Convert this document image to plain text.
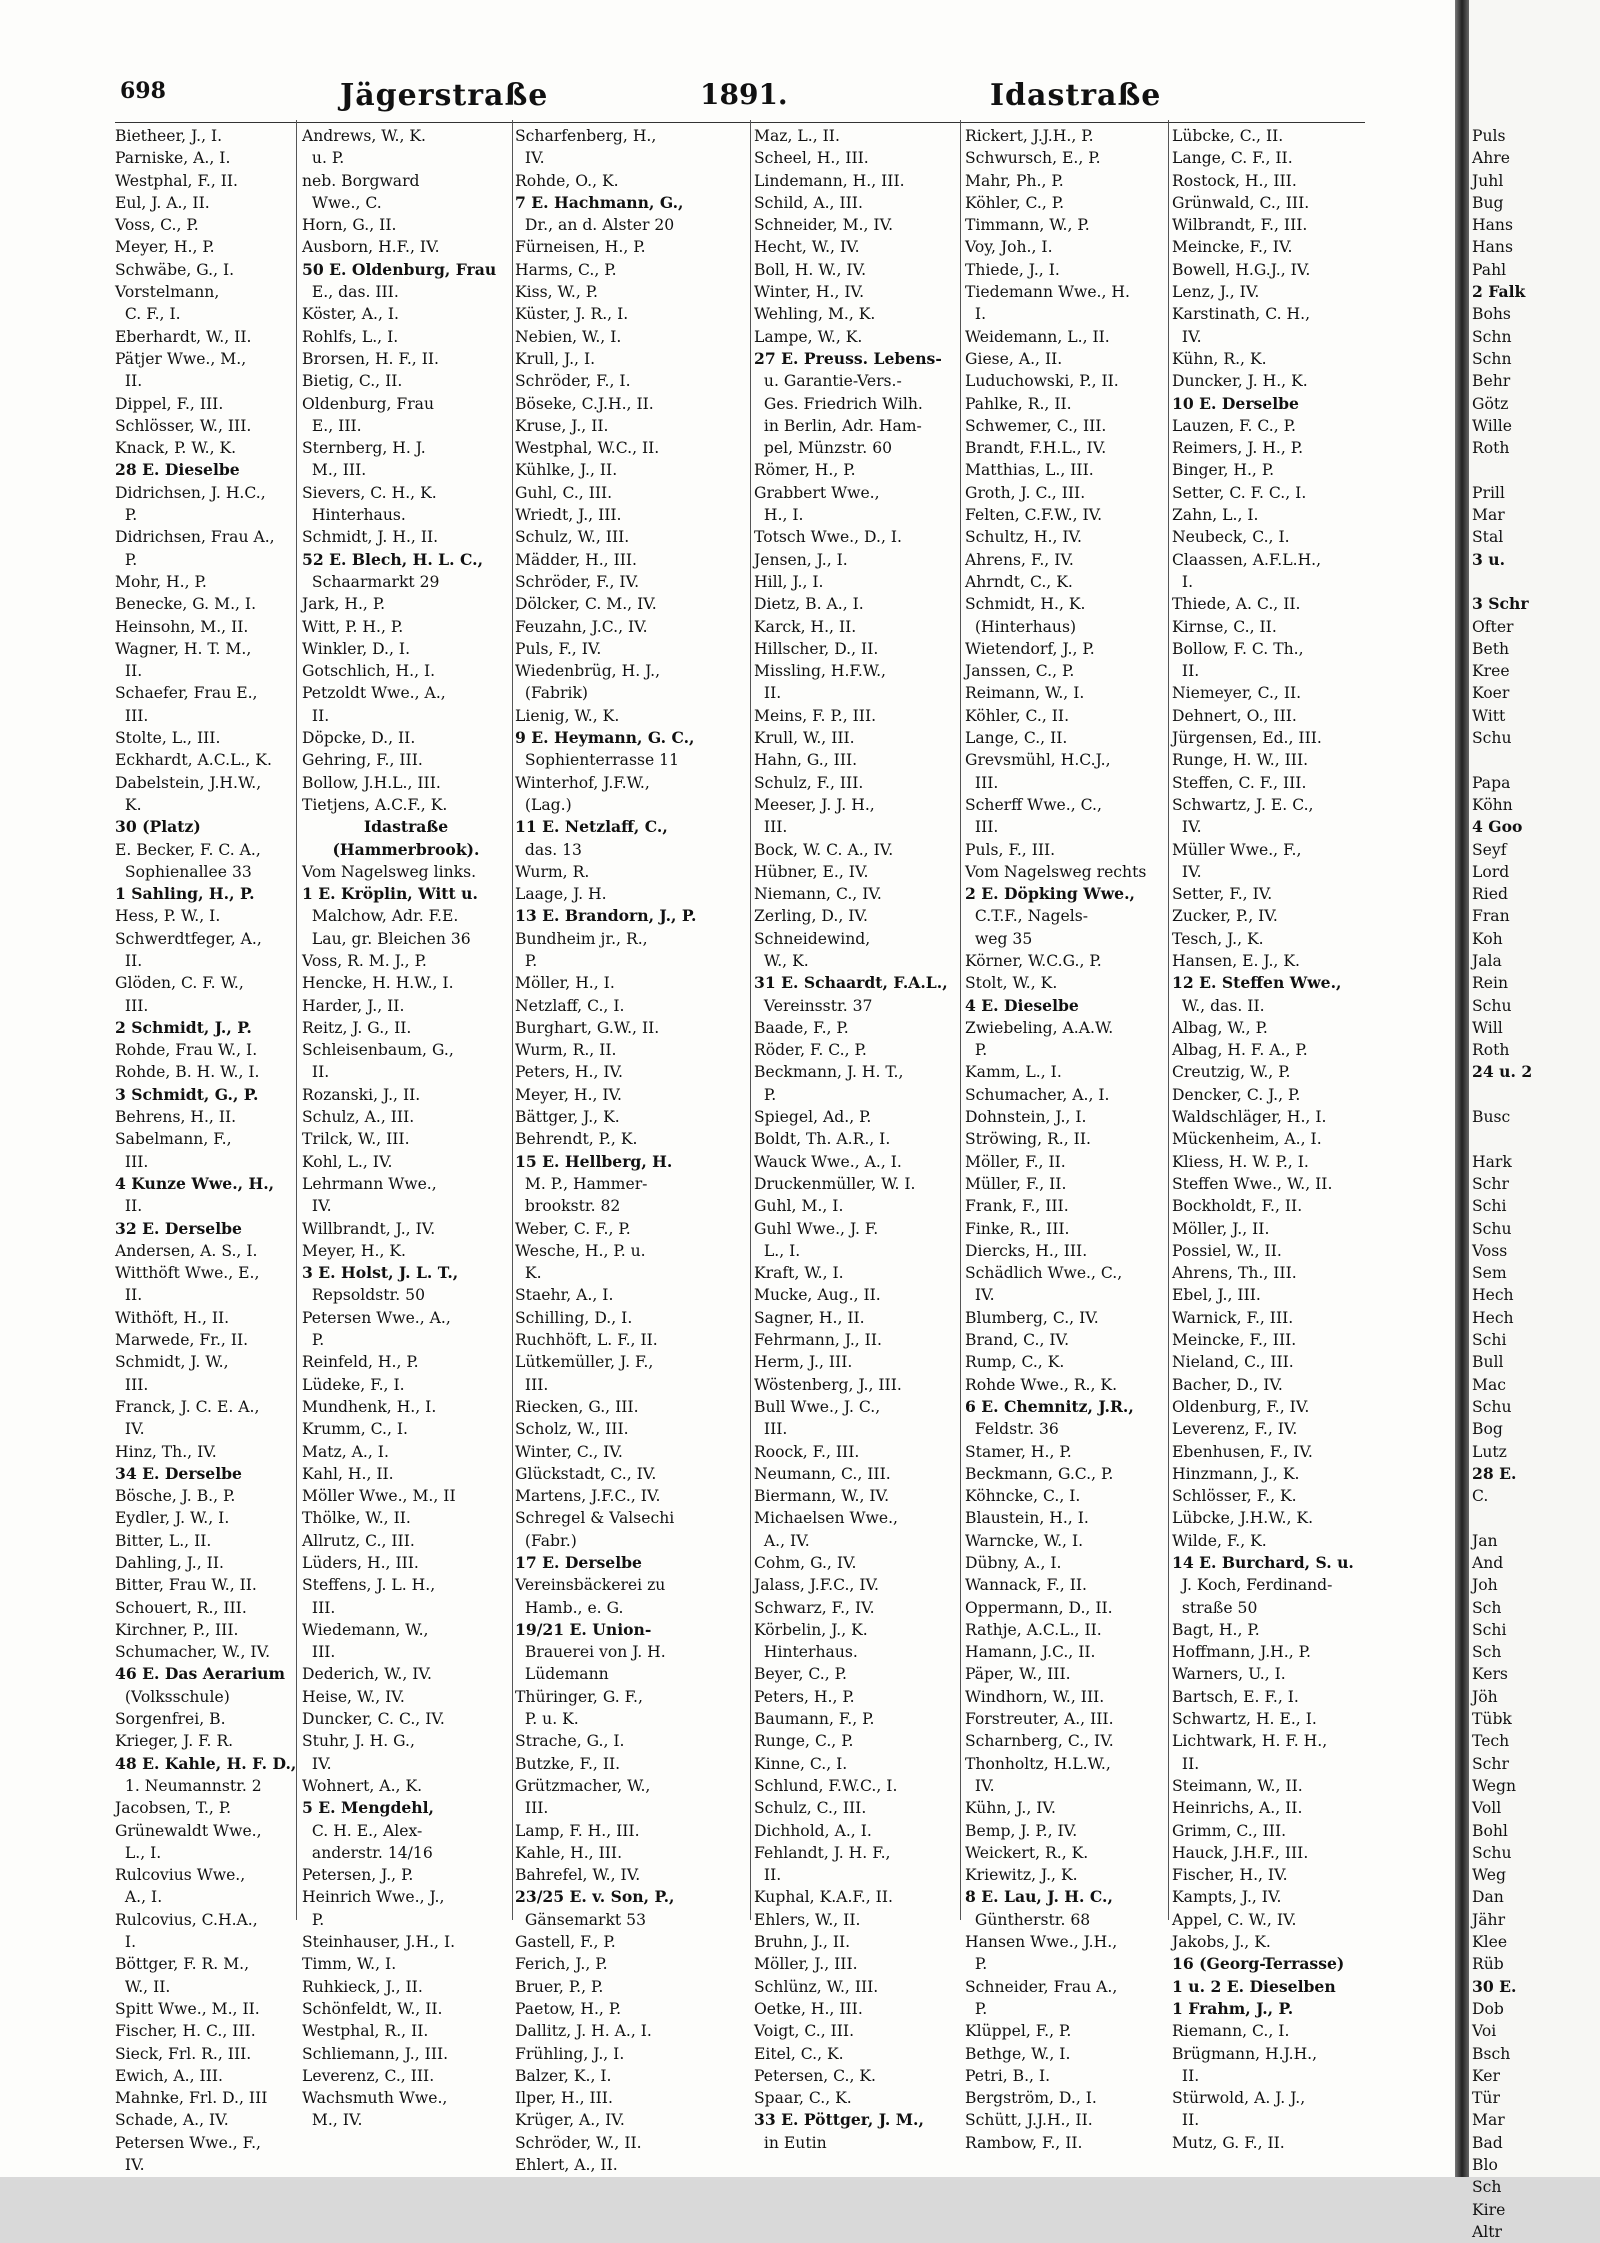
698	Jägerstraße	1891.	Idastraße
Bietheer, J., I.
Parniske, A., I.
Westphal, F., II.
Eul, J. A., II.
Voss, C., P.
Meyer, H., P.
Schwäbe, G., I.
Vorstelmann,
C. F., I.
Eberhardt, W., II.
Pätjer Wwe., M.,
II.
Dippel, F., III.
Schlösser, W., III.
Knack, P. W., K.
28 E. Dieselbe
Didrichsen, J. H.C.,
P.
Didrichsen, Frau A.,
P.
Mohr, H., P.
Benecke, G. M., I.
Heinsohn, M., II.
Wagner, H. T. M.,
II.
Schaefer, Frau E.,
III.
Stolte, L., III.
Eckhardt, A.C.L., K.
Dabelstein, J.H.W.,
K.
30 (Platz)
E. Becker, F. C. A.,
Sophienallee 33
1 Sahling, H., P.
Hess, P. W., I.
Schwerdtfeger, A.,
II.
Glöden, C. F. W.,
III.
2 Schmidt, J., P.
Rohde, Frau W., I.
Rohde, B. H. W., I.
3 Schmidt, G., P.
Behrens, H., II.
Sabelmann, F.,
III.
4 Kunze Wwe., H.,
II.
32 E. Derselbe
Andersen, A. S., I.
Witthöft Wwe., E.,
II.
Withöft, H., II.
Marwede, Fr., II.
Schmidt, J. W.,
III.
Franck, J. C. E. A.,
IV.
Hinz, Th., IV.
34 E. Derselbe
Bösche, J. B., P.
Eydler, J. W., I.
Bitter, L., II.
Dahling, J., II.
Bitter, Frau W., II.
Schouert, R., III.
Kirchner, P., III.
Schumacher, W., IV.
46 E. Das Aerarium
(Volksschule)
Sorgenfrei, B.
Krieger, J. F. R.
48 E. Kahle, H. F. D.,
1. Neumannstr. 2
Jacobsen, T., P.
Grünewaldt Wwe.,
L., I.
Rulcovius Wwe.,
A., I.
Rulcovius, C.H.A.,
I.
Böttger, F. R. M.,
W., II.
Spitt Wwe., M., II.
Fischer, H. C., III.
Sieck, Frl. R., III.
Ewich, A., III.
Mahnke, Frl. D., III
Schade, A., IV.
Petersen Wwe., F.,
IV.
Andrews, W., K.
u. P.
neb. Borgward
Wwe., C.
Horn, G., II.
Ausborn, H.F., IV.
50 E. Oldenburg, Frau
E., das. III.
Köster, A., I.
Rohlfs, L., I.
Brorsen, H. F., II.
Bietig, C., II.
Oldenburg, Frau
E., III.
Sternberg, H. J.
M., III.
Sievers, C. H., K.
Hinterhaus.
Schmidt, J. H., II.
52 E. Blech, H. L. C.,
Schaarmarkt 29
Jark, H., P.
Witt, P. H., P.
Winkler, D., I.
Gotschlich, H., I.
Petzoldt Wwe., A.,
II.
Döpcke, D., II.
Gehring, F., III.
Bollow, J.H.L., III.
Tietjens, A.C.F., K.
Idastraße
(Hammerbrook).
Vom Nagelsweg links.
1 E. Kröplin, Witt u.
Malchow, Adr. F.E.
Lau, gr. Bleichen 36
Voss, R. M. J., P.
Hencke, H. H.W., I.
Harder, J., II.
Reitz, J. G., II.
Schleisenbaum, G.,
II.
Rozanski, J., II.
Schulz, A., III.
Trilck, W., III.
Kohl, L., IV.
Lehrmann Wwe.,
IV.
Willbrandt, J., IV.
Meyer, H., K.
3 E. Holst, J. L. T.,
Repsoldstr. 50
Petersen Wwe., A.,
P.
Reinfeld, H., P.
Lüdeke, F., I.
Mundhenk, H., I.
Krumm, C., I.
Matz, A., I.
Kahl, H., II.
Möller Wwe., M., II
Thölke, W., II.
Allrutz, C., III.
Lüders, H., III.
Steffens, J. L. H.,
III.
Wiedemann, W.,
III.
Dederich, W., IV.
Heise, W., IV.
Duncker, C. C., IV.
Stuhr, J. H. G.,
IV.
Wohnert, A., K.
5 E. Mengdehl,
C. H. E., Alex-
anderstr. 14/16
Petersen, J., P.
Heinrich Wwe., J.,
P.
Steinhauser, J.H., I.
Timm, W., I.
Ruhkieck, J., II.
Schönfeldt, W., II.
Westphal, R., II.
Schliemann, J., III.
Leverenz, C., III.
Wachsmuth Wwe.,
M., IV.
Scharfenberg, H.,
IV.
Rohde, O., K.
7 E. Hachmann, G.,
Dr., an d. Alster 20
Fürneisen, H., P.
Harms, C., P.
Kiss, W., P.
Küster, J. R., I.
Nebien, W., I.
Krull, J., I.
Schröder, F., I.
Böseke, C.J.H., II.
Kruse, J., II.
Westphal, W.C., II.
Kühlke, J., II.
Guhl, C., III.
Wriedt, J., III.
Schulz, W., III.
Mädder, H., III.
Schröder, F., IV.
Dölcker, C. M., IV.
Feuzahn, J.C., IV.
Puls, F., IV.
Wiedenbrüg, H. J.,
(Fabrik)
Lienig, W., K.
9 E. Heymann, G. C.,
Sophienterrasse 11
Winterhof, J.F.W.,
(Lag.)
11 E. Netzlaff, C.,
das. 13
Wurm, R.
Laage, J. H.
13 E. Brandorn, J., P.
Bundheim jr., R.,
P.
Möller, H., I.
Netzlaff, C., I.
Burghart, G.W., II.
Wurm, R., II.
Peters, H., IV.
Meyer, H., IV.
Bättger, J., K.
Behrendt, P., K.
15 E. Hellberg, H.
M. P., Hammer-
brookstr. 82
Weber, C. F., P.
Wesche, H., P. u.
K.
Staehr, A., I.
Schilling, D., I.
Ruchhöft, L. F., II.
Lütkemüller, J. F.,
III.
Riecken, G., III.
Scholz, W., III.
Winter, C., IV.
Glückstadt, C., IV.
Martens, J.F.C., IV.
Schregel & Valsechi
(Fabr.)
17 E. Derselbe
Vereinsbäckerei zu
Hamb., e. G.
19/21 E. Union-
Brauerei von J. H.
Lüdemann
Thüringer, G. F.,
P. u. K.
Strache, G., I.
Butzke, F., II.
Grützmacher, W.,
III.
Lamp, F. H., III.
Kahle, H., III.
Bahrefel, W., IV.
23/25 E. v. Son, P.,
Gänsemarkt 53
Gastell, F., P.
Ferich, J., P.
Bruer, P., P.
Paetow, H., P.
Dallitz, J. H. A., I.
Frühling, J., I.
Balzer, K., I.
Ilper, H., III.
Krüger, A., IV.
Schröder, W., II.
Ehlert, A., II.
Maz, L., II.
Scheel, H., III.
Lindemann, H., III.
Schild, A., III.
Schneider, M., IV.
Hecht, W., IV.
Boll, H. W., IV.
Winter, H., IV.
Wehling, M., K.
Lampe, W., K.
27 E. Preuss. Lebens-
u. Garantie-Vers.-
Ges. Friedrich Wilh.
in Berlin, Adr. Ham-
pel, Münzstr. 60
Römer, H., P.
Grabbert Wwe.,
H., I.
Totsch Wwe., D., I.
Jensen, J., I.
Hill, J., I.
Dietz, B. A., I.
Karck, H., II.
Hillscher, D., II.
Missling, H.F.W.,
II.
Meins, F. P., III.
Krull, W., III.
Hahn, G., III.
Schulz, F., III.
Meeser, J. J. H.,
III.
Bock, W. C. A., IV.
Hübner, E., IV.
Niemann, C., IV.
Zerling, D., IV.
Schneidewind,
W., K.
31 E. Schaardt, F.A.L.,
Vereinsstr. 37
Baade, F., P.
Röder, F. C., P.
Beckmann, J. H. T.,
P.
Spiegel, Ad., P.
Boldt, Th. A.R., I.
Wauck Wwe., A., I.
Druckenmüller, W. I.
Guhl, M., I.
Guhl Wwe., J. F.
L., I.
Kraft, W., I.
Mucke, Aug., II.
Sagner, H., II.
Fehrmann, J., II.
Herm, J., III.
Wöstenberg, J., III.
Bull Wwe., J. C.,
III.
Roock, F., III.
Neumann, C., III.
Biermann, W., IV.
Michaelsen Wwe.,
A., IV.
Cohm, G., IV.
Jalass, J.F.C., IV.
Schwarz, F., IV.
Körbelin, J., K.
Hinterhaus.
Beyer, C., P.
Peters, H., P.
Baumann, F., P.
Runge, C., P.
Kinne, C., I.
Schlund, F.W.C., I.
Schulz, C., III.
Dichhold, A., I.
Fehlandt, J. H. F.,
II.
Kuphal, K.A.F., II.
Ehlers, W., II.
Bruhn, J., II.
Möller, J., III.
Schlünz, W., III.
Oetke, H., III.
Voigt, C., III.
Eitel, C., K.
Petersen, C., K.
Spaar, C., K.
33 E. Pöttger, J. M.,
in Eutin
Rickert, J.J.H., P.
Schwursch, E., P.
Mahr, Ph., P.
Köhler, C., P.
Timmann, W., P.
Voy, Joh., I.
Thiede, J., I.
Tiedemann Wwe., H.
I.
Weidemann, L., II.
Giese, A., II.
Luduchowski, P., II.
Pahlke, R., II.
Schwemer, C., III.
Brandt, F.H.L., IV.
Matthias, L., III.
Groth, J. C., III.
Felten, C.F.W., IV.
Schultz, H., IV.
Ahrens, F., IV.
Ahrndt, C., K.
Schmidt, H., K.
(Hinterhaus)
Wietendorf, J., P.
Janssen, C., P.
Reimann, W., I.
Köhler, C., II.
Lange, C., II.
Grevsmühl, H.C.J.,
III.
Scherff Wwe., C.,
III.
Puls, F., III.
Vom Nagelsweg rechts
2 E. Döpking Wwe.,
C.T.F., Nagels-
weg 35
Körner, W.C.G., P.
Stolt, W., K.
4 E. Dieselbe
Zwiebeling, A.A.W.
P.
Kamm, L., I.
Schumacher, A., I.
Dohnstein, J., I.
Ströwing, R., II.
Möller, F., II.
Müller, F., II.
Frank, F., III.
Finke, R., III.
Diercks, H., III.
Schädlich Wwe., C.,
IV.
Blumberg, C., IV.
Brand, C., IV.
Rump, C., K.
Rohde Wwe., R., K.
6 E. Chemnitz, J.R.,
Feldstr. 36
Stamer, H., P.
Beckmann, G.C., P.
Köhncke, C., I.
Blaustein, H., I.
Warncke, W., I.
Dübny, A., I.
Wannack, F., II.
Oppermann, D., II.
Rathje, A.C.L., II.
Hamann, J.C., II.
Päper, W., III.
Windhorn, W., III.
Forstreuter, A., III.
Scharnberg, C., IV.
Thonholtz, H.L.W.,
IV.
Kühn, J., IV.
Bemp, J. P., IV.
Weickert, R., K.
Kriewitz, J., K.
8 E. Lau, J. H. C.,
Güntherstr. 68
Hansen Wwe., J.H.,
P.
Schneider, Frau A.,
P.
Klüppel, F., P.
Bethge, W., I.
Petri, B., I.
Bergström, D., I.
Schütt, J.J.H., II.
Rambow, F., II.
Lübcke, C., II.
Lange, C. F., II.
Rostock, H., III.
Grünwald, C., III.
Wilbrandt, F., III.
Meincke, F., IV.
Bowell, H.G.J., IV.
Lenz, J., IV.
Karstinath, C. H.,
IV.
Kühn, R., K.
Duncker, J. H., K.
10 E. Derselbe
Lauzen, F. C., P.
Reimers, J. H., P.
Binger, H., P.
Setter, C. F. C., I.
Zahn, L., I.
Neubeck, C., I.
Claassen, A.F.L.H.,
I.
Thiede, A. C., II.
Kirnse, C., II.
Bollow, F. C. Th.,
II.
Niemeyer, C., II.
Dehnert, O., III.
Jürgensen, Ed., III.
Runge, H. W., III.
Steffen, C. F., III.
Schwartz, J. E. C.,
IV.
Müller Wwe., F.,
IV.
Setter, F., IV.
Zucker, P., IV.
Tesch, J., K.
Hansen, E. J., K.
12 E. Steffen Wwe.,
W., das. II.
Albag, W., P.
Albag, H. F. A., P.
Creutzig, W., P.
Dencker, C. J., P.
Waldschläger, H., I.
Mückenheim, A., I.
Kliess, H. W. P., I.
Steffen Wwe., W., II.
Bockholdt, F., II.
Möller, J., II.
Possiel, W., II.
Ahrens, Th., III.
Ebel, J., III.
Warnick, F., III.
Meincke, F., III.
Nieland, C., III.
Bacher, D., IV.
Oldenburg, F., IV.
Leverenz, F., IV.
Ebenhusen, F., IV.
Hinzmann, J., K.
Schlösser, F., K.
Lübcke, J.H.W., K.
Wilde, F., K.
14 E. Burchard, S. u.
J. Koch, Ferdinand-
straße 50
Bagt, H., P.
Hoffmann, J.H., P.
Warners, U., I.
Bartsch, E. F., I.
Schwartz, H. E., I.
Lichtwark, H. F. H.,
II.
Steimann, W., II.
Heinrichs, A., II.
Grimm, C., III.
Hauck, J.H.F., III.
Fischer, H., IV.
Kampts, J., IV.
Appel, C. W., IV.
Jakobs, J., K.
16 (Georg-Terrasse)
1 u. 2 E. Dieselben
1 Frahm, J., P.
Riemann, C., I.
Brügmann, H.J.H.,
II.
Stürwold, A. J. J.,
II.
Mutz, G. F., II.
Puls
Ahre
Juhl
Bug
Hans
Hans
Pahl
2 Falk
Bohs
Schn
Schn
Behr
Götz
Wille
Roth
Prill
Mar
Stal
3 u.
3 Schr
Ofter
Beth
Kree
Koer
Witt
Schu
Papa
Köhn
4 Goo
Seyf
Lord
Ried
Fran
Koh
Jala
Rein
Schu
Will
Roth
24 u. 2
Busc
Hark
Schr
Schi
Schu
Voss
Sem
Hech
Hech
Schi
Bull
Mac
Schu
Bog
Lutz
28 E.
C.
Jan
And
Joh
Sch
Schi
Sch
Kers
Jöh
Tübk
Tech
Schr
Wegn
Voll
Bohl
Schu
Weg
Dan
Jähr
Klee
Rüb
30 E.
Dob
Voi
Bsch
Ker
Tür
Mar
Bad
Blo
Sch
Kire
Altr
